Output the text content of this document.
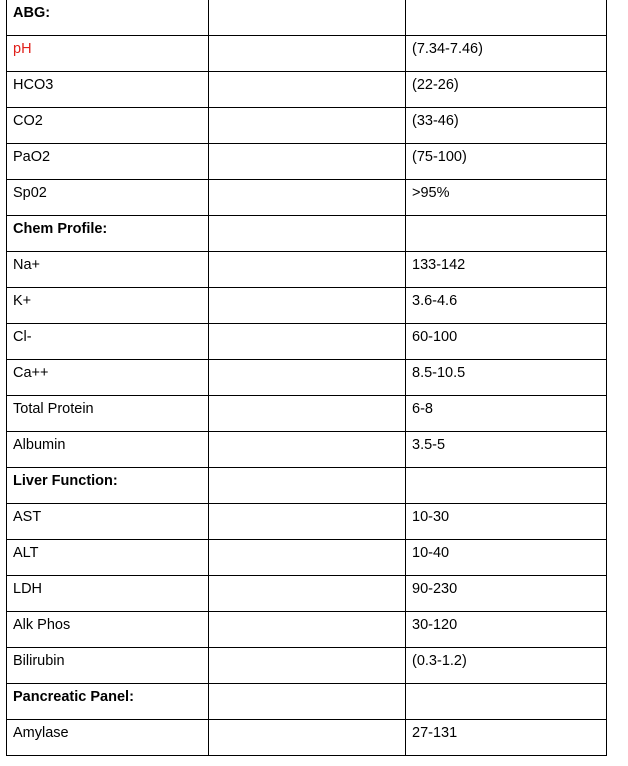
ABG:		
pH		(7.34-7.46)
HCO3		(22-26)
CO2		(33-46)
PaO2		(75-100)
Sp02		>95%
Chem Profile:		
Na+		133-142
K+		3.6-4.6
Cl-		60-100
Ca++		8.5-10.5
Total Protein		6-8
Albumin		3.5-5
Liver Function:		
AST		10-30
ALT		10-40
LDH		90-230
Alk Phos		30-120
Bilirubin		(0.3-1.2)
Pancreatic Panel:		
Amylase		27-131
